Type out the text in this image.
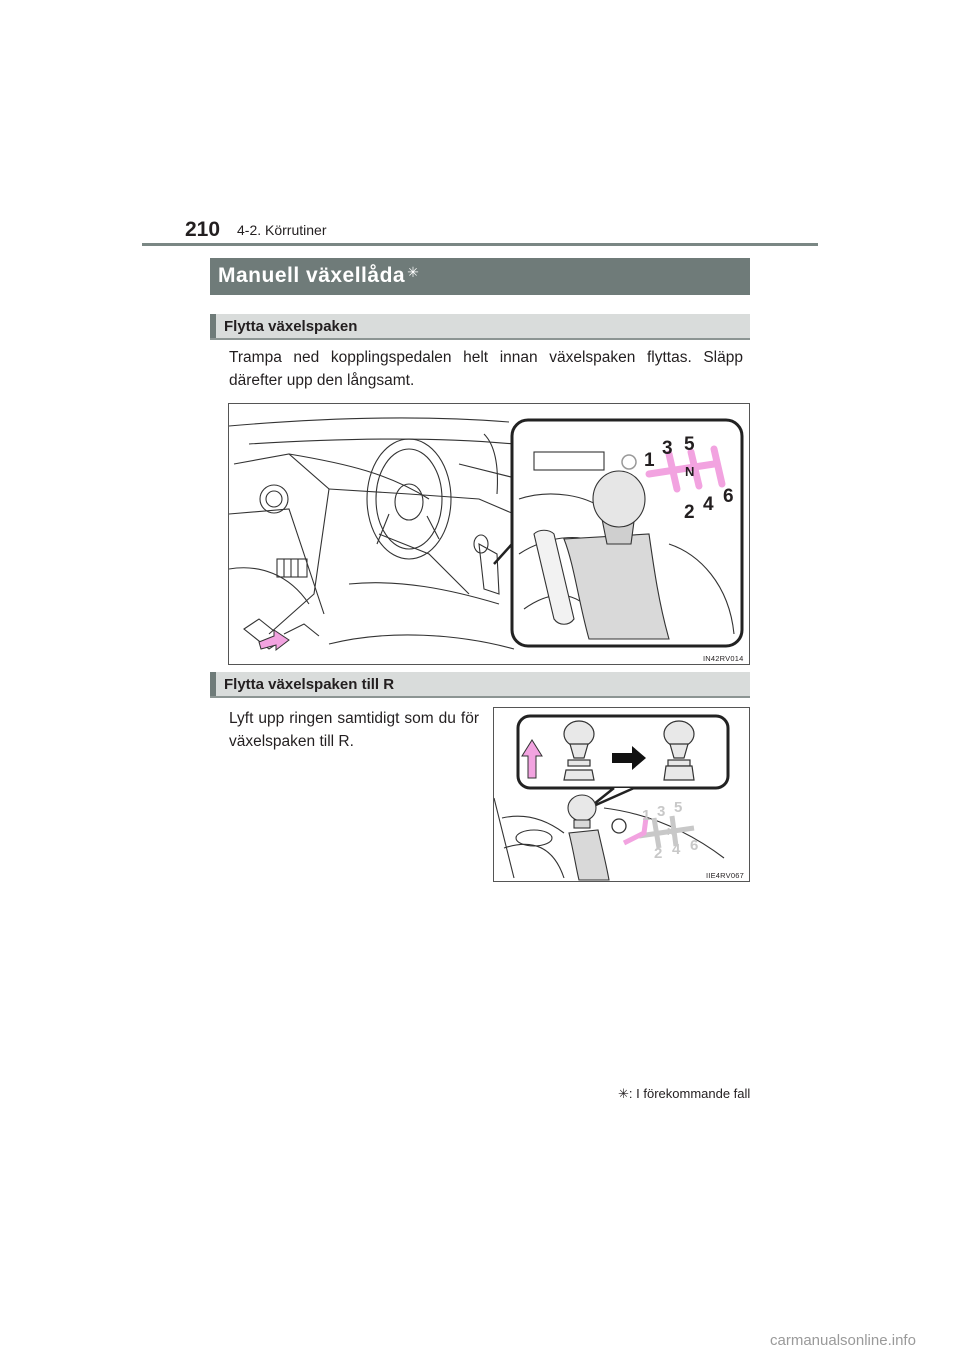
210 4-2. Körrutiner
Manuell växellåda ✳
Flytta växelspaken
Trampa ned kopplingspedalen helt innan växelspaken flyttas. Släpp därefter upp den långsamt.
1
3 5
N
2 4 6
IN42RV014
Flytta växelspaken till R
Lyft upp ringen samtidigt som du för växelspaken till R.
1 3 5
N
2 4 6
IIE4RV067
✳: I förekommande fall
carmanualsonline.info
